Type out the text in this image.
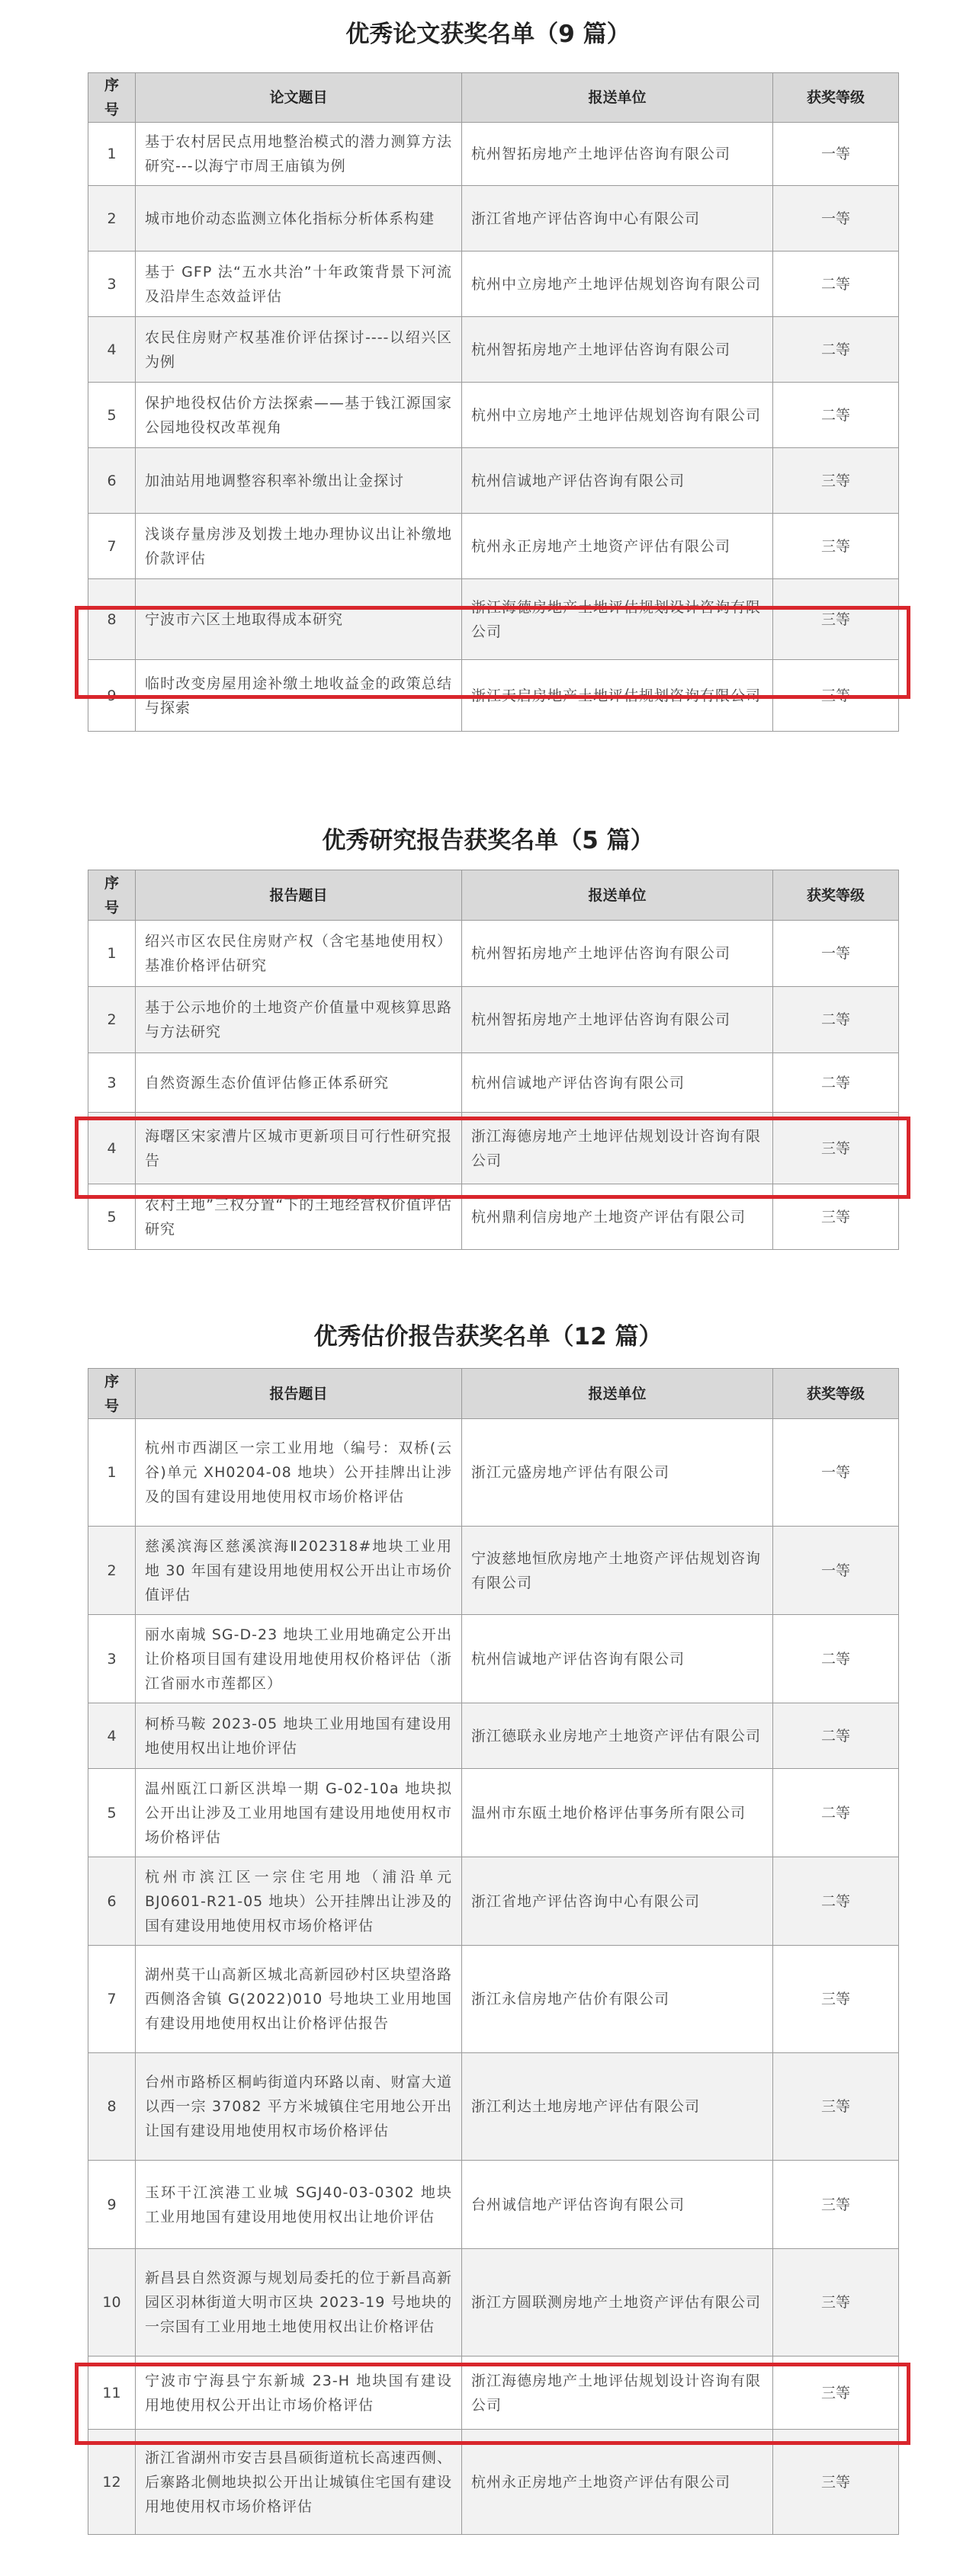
优秀论文获奖名单（9 篇）
序号	论文题目	报送单位	获奖等级
1	基于农村居民点用地整治模式的潜力测算方法研究---以海宁市周王庙镇为例	杭州智拓房地产土地评估咨询有限公司	一等
2	城市地价动态监测立体化指标分析体系构建	浙江省地产评估咨询中心有限公司	一等
3	基于 GFP 法“五水共治”十年政策背景下河流及沿岸生态效益评估	杭州中立房地产土地评估规划咨询有限公司	二等
4	农民住房财产权基准价评估探讨----以绍兴区为例	杭州智拓房地产土地评估咨询有限公司	二等
5	保护地役权估价方法探索——基于钱江源国家公园地役权改革视角	杭州中立房地产土地评估规划咨询有限公司	二等
6	加油站用地调整容积率补缴出让金探讨	杭州信诚地产评估咨询有限公司	三等
7	浅谈存量房涉及划拨土地办理协议出让补缴地价款评估	杭州永正房地产土地资产评估有限公司	三等
8	宁波市六区土地取得成本研究	浙江海德房地产土地评估规划设计咨询有限公司	三等
9	临时改变房屋用途补缴土地收益金的政策总结与探索	浙江天启房地产土地评估规划咨询有限公司	三等
优秀研究报告获奖名单（5 篇）
序号	报告题目	报送单位	获奖等级
1	绍兴市区农民住房财产权（含宅基地使用权）基准价格评估研究	杭州智拓房地产土地评估咨询有限公司	一等
2	基于公示地价的土地资产价值量中观核算思路与方法研究	杭州智拓房地产土地评估咨询有限公司	二等
3	自然资源生态价值评估修正体系研究	杭州信诚地产评估咨询有限公司	二等
4	海曙区宋家漕片区城市更新项目可行性研究报告	浙江海德房地产土地评估规划设计咨询有限公司	三等
5	农村土地”三权分置“下的土地经营权价值评估研究	杭州鼎利信房地产土地资产评估有限公司	三等
优秀估价报告获奖名单（12 篇）
序号	报告题目	报送单位	获奖等级
1	杭州市西湖区一宗工业用地（编号：双桥(云谷)单元 XH0204-08 地块）公开挂牌出让涉及的国有建设用地使用权市场价格评估	浙江元盛房地产评估有限公司	一等
2	慈溪滨海区慈溪滨海Ⅱ202318#地块工业用地 30 年国有建设用地使用权公开出让市场价值评估	宁波慈地恒欣房地产土地资产评估规划咨询有限公司	一等
3	丽水南城 SG-D-23 地块工业用地确定公开出让价格项目国有建设用地使用权价格评估（浙江省丽水市莲都区）	杭州信诚地产评估咨询有限公司	二等
4	柯桥马鞍 2023-05 地块工业用地国有建设用地使用权出让地价评估	浙江德联永业房地产土地资产评估有限公司	二等
5	温州瓯江口新区洪埠一期 G-02-10a 地块拟公开出让涉及工业用地国有建设用地使用权市场价格评估	温州市东瓯土地价格评估事务所有限公司	二等
6	杭州市滨江区一宗住宅用地（浦沿单元BJ0601-R21-05 地块）公开挂牌出让涉及的国有建设用地使用权市场价格评估	浙江省地产评估咨询中心有限公司	二等
7	湖州莫干山高新区城北高新园砂村区块望洛路西侧洛舍镇 G(2022)010 号地块工业用地国有建设用地使用权出让价格评估报告	浙江永信房地产估价有限公司	三等
8	台州市路桥区桐屿街道内环路以南、财富大道以西一宗 37082 平方米城镇住宅用地公开出让国有建设用地使用权市场价格评估	浙江利达土地房地产评估有限公司	三等
9	玉环干江滨港工业城 SGJ40-03-0302 地块工业用地国有建设用地使用权出让地价评估	台州诚信地产评估咨询有限公司	三等
10	新昌县自然资源与规划局委托的位于新昌高新园区羽林街道大明市区块 2023-19 号地块的一宗国有工业用地土地使用权出让价格评估	浙江方圆联测房地产土地资产评估有限公司	三等
11	宁波市宁海县宁东新城 23-H 地块国有建设用地使用权公开出让市场价格评估	浙江海德房地产土地评估规划设计咨询有限公司	三等
12	浙江省湖州市安吉县昌硕街道杭长高速西侧、后寨路北侧地块拟公开出让城镇住宅国有建设用地使用权市场价格评估	杭州永正房地产土地资产评估有限公司	三等
